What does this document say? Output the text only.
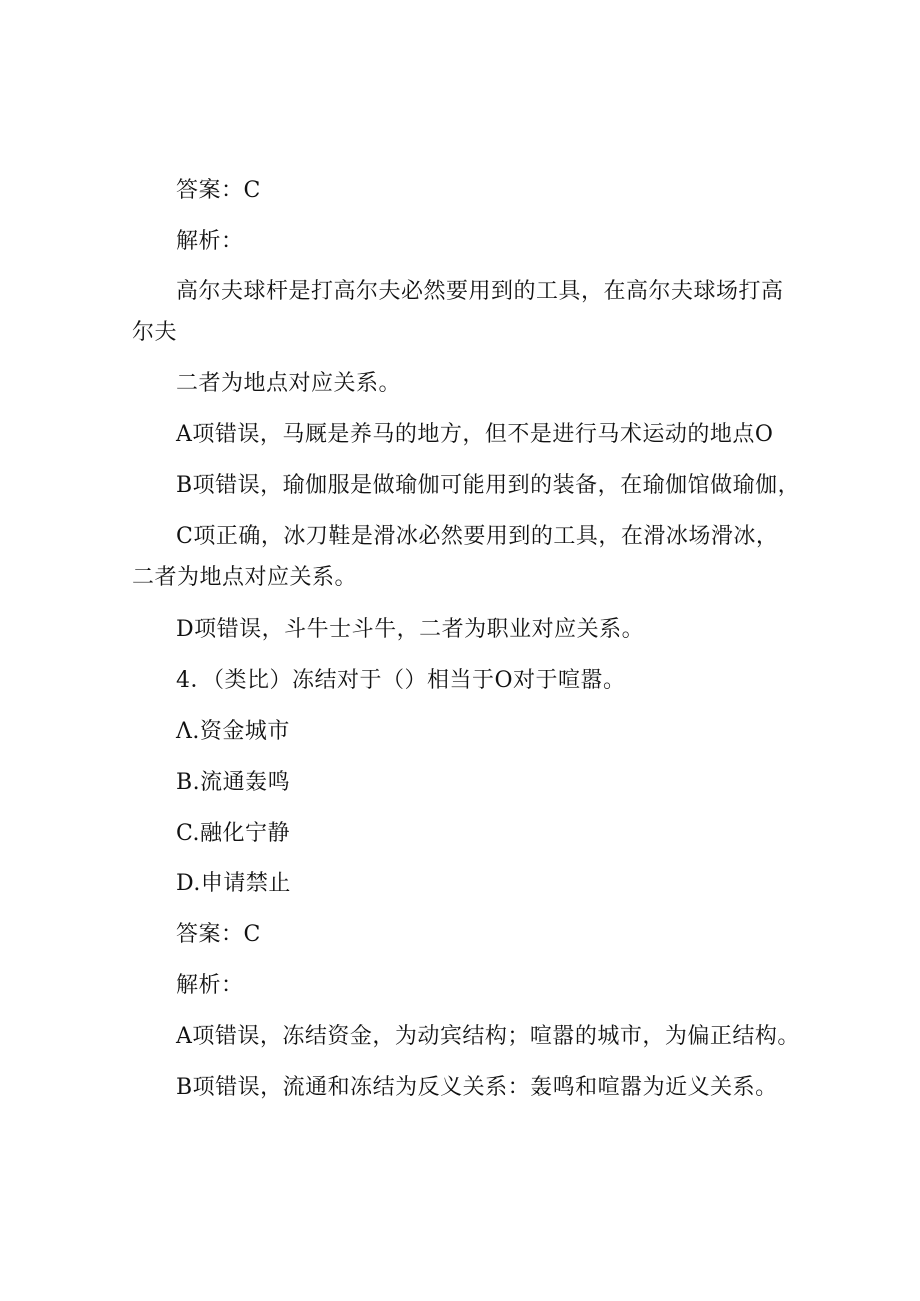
答案：C
解析：
高尔夫球杆是打高尔夫必然要用到的工具，在高尔夫球场打高
尔夫
二者为地点对应关系。
A项错误，马厩是养马的地方，但不是进行马术运动的地点O
B项错误，瑜伽服是做瑜伽可能用到的装备，在瑜伽馆做瑜伽，
C项正确，冰刀鞋是滑冰必然要用到的工具，在滑冰场滑冰，
二者为地点对应关系。
D项错误，斗牛士斗牛，二者为职业对应关系。
4．（类比）冻结对于（）相当于O对于喧嚣。
Λ.资金城市
B.流通轰鸣
C.融化宁静
D.申请禁止
答案：C
解析：
A项错误，冻结资金，为动宾结构；喧嚣的城市，为偏正结构。
B项错误，流通和冻结为反义关系：轰鸣和喧嚣为近义关系。
